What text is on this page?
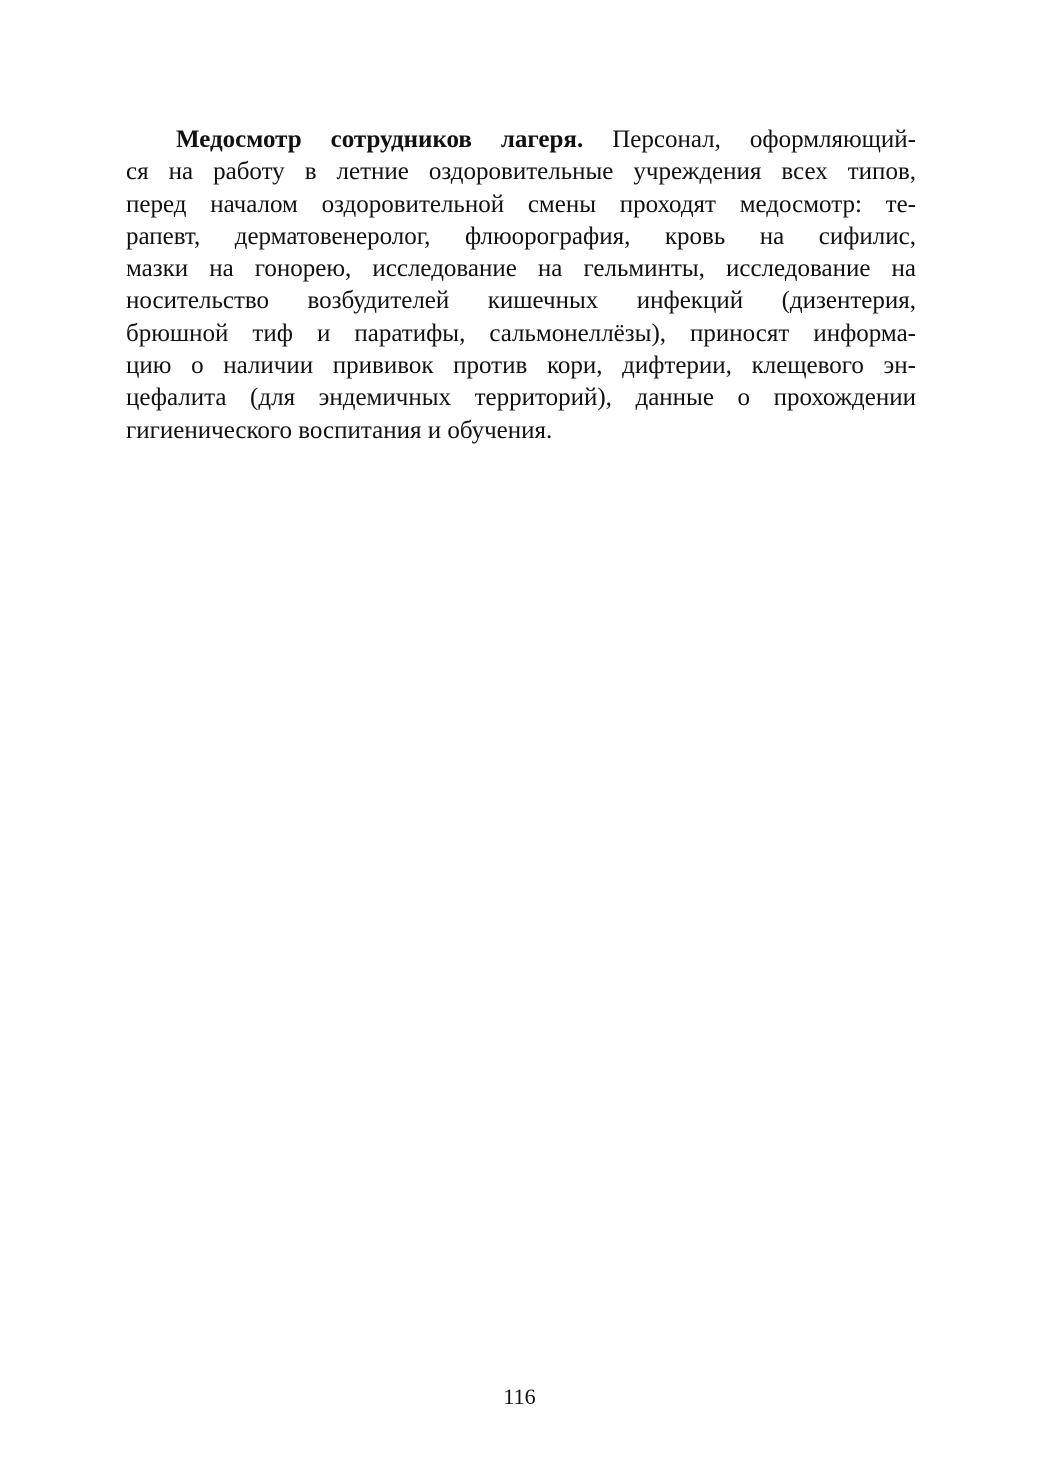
Медосмотр сотрудников лагеря. Персонал, оформляющий-
ся на работу в летние оздоровительные учреждения всех типов,
перед началом оздоровительной смены проходят медосмотр: те-
рапевт, дерматовенеролог, флюорография, кровь на сифилис,
мазки на гонорею, исследование на гельминты, исследование на
носительство возбудителей кишечных инфекций (дизентерия,
брюшной тиф и паратифы, сальмонеллёзы), приносят информа-
цию о наличии прививок против кори, дифтерии, клещевого эн-
цефалита (для эндемичных территорий), данные о прохождении
гигиенического воспитания и обучения.
116
